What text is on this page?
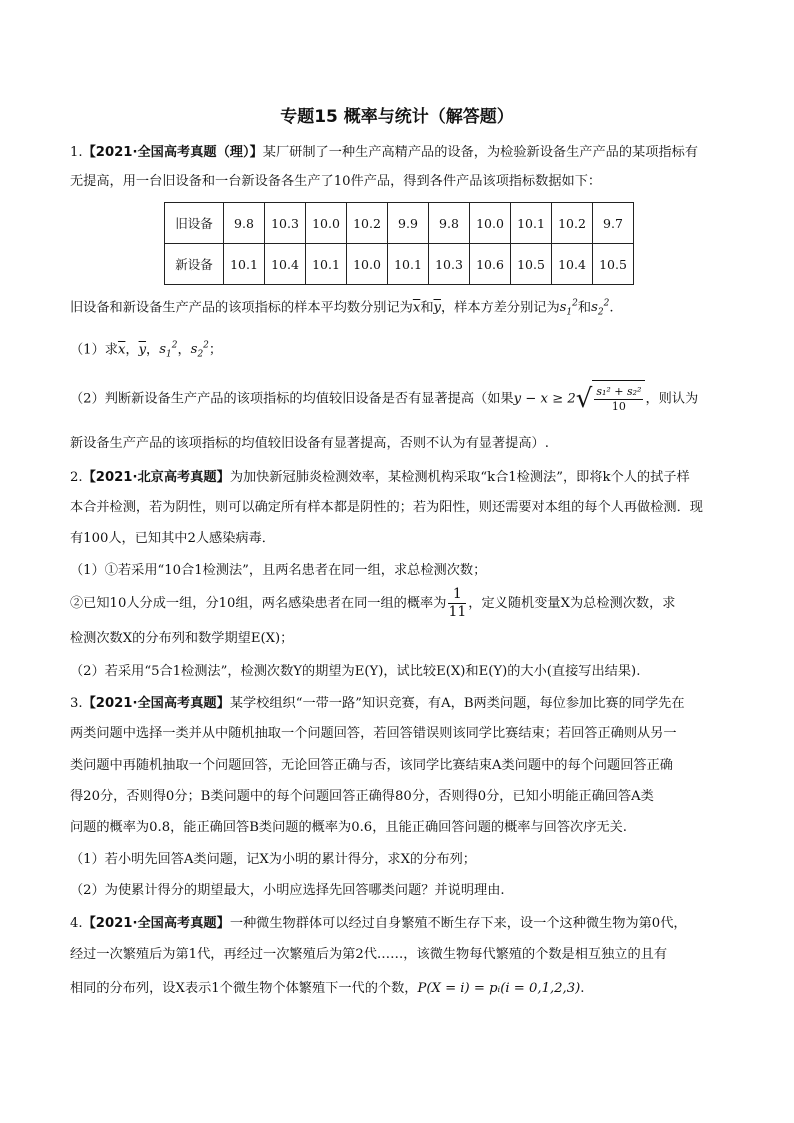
专题15 概率与统计（解答题）
1.【2021·全国高考真题（理）】某厂研制了一种生产高精产品的设备，为检验新设备生产产品的某项指标有
无提高，用一台旧设备和一台新设备各生产了10件产品，得到各件产品该项指标数据如下：
旧设备	9.8	10.3	10.0	10.2	9.9	9.8	10.0	10.1	10.2	9.7
新设备	10.1	10.4	10.1	10.0	10.1	10.3	10.6	10.5	10.4	10.5
旧设备和新设备生产产品的该项指标的样本平均数分别记为$\overline{x}$和$\overline{y}$，样本方差分别记为$s_1^2$和$s_2^2$.
（1）求$\overline{x}$，$\overline{y}$，$s_1^2$，$s_2^2$；
（2）判断新设备生产产品的该项指标的均值较旧设备是否有显著提高（如果$y - x \ge 2√ \frac{\text{s₁² + s₂²}}{10}$ ，则认为
新设备生产产品的该项指标的均值较旧设备有显著提高，否则不认为有显著提高）.
2.【2021·北京高考真题】为加快新冠肺炎检测效率，某检测机构采取“k合1检测法”，即将k个人的拭子样
本合并检测，若为阴性，则可以确定所有样本都是阴性的；若为阳性，则还需要对本组的每个人再做检测．现
有100人，已知其中2人感染病毒．
（1）①若采用“10合1检测法”，且两名患者在同一组，求总检测次数；
②已知10人分成一组，分10组，两名感染患者在同一组的概率为 $\frac{1}{11}$ ，定义随机变量X为总检测次数，求
检测次数X的分布列和数学期望E(X)；
（2）若采用“5合1检测法”，检测次数Y的期望为E(Y)，试比较E(X)和E(Y)的大小(直接写出结果).
3.【2021·全国高考真题】某学校组织“一带一路”知识竞赛，有A，B两类问题，每位参加比赛的同学先在
两类问题中选择一类并从中随机抽取一个问题回答，若回答错误则该同学比赛结束；若回答正确则从另一
类问题中再随机抽取一个问题回答，无论回答正确与否，该同学比赛结束A类问题中的每个问题回答正确
得20分，否则得0分；B类问题中的每个问题回答正确得80分，否则得0分，已知小明能正确回答A类
问题的概率为0.8，能正确回答B类问题的概率为0.6，且能正确回答问题的概率与回答次序无关.
（1）若小明先回答A类问题，记X为小明的累计得分，求X的分布列；
（2）为使累计得分的期望最大，小明应选择先回答哪类问题？并说明理由.
4.【2021·全国高考真题】一种微生物群体可以经过自身繁殖不断生存下来，设一个这种微生物为第0代，
经过一次繁殖后为第1代，再经过一次繁殖后为第2代……，该微生物每代繁殖的个数是相互独立的且有
相同的分布列，设X表示1个微生物个体繁殖下一代的个数，P(X = i) = pᵢ(i = 0,1,2,3).
